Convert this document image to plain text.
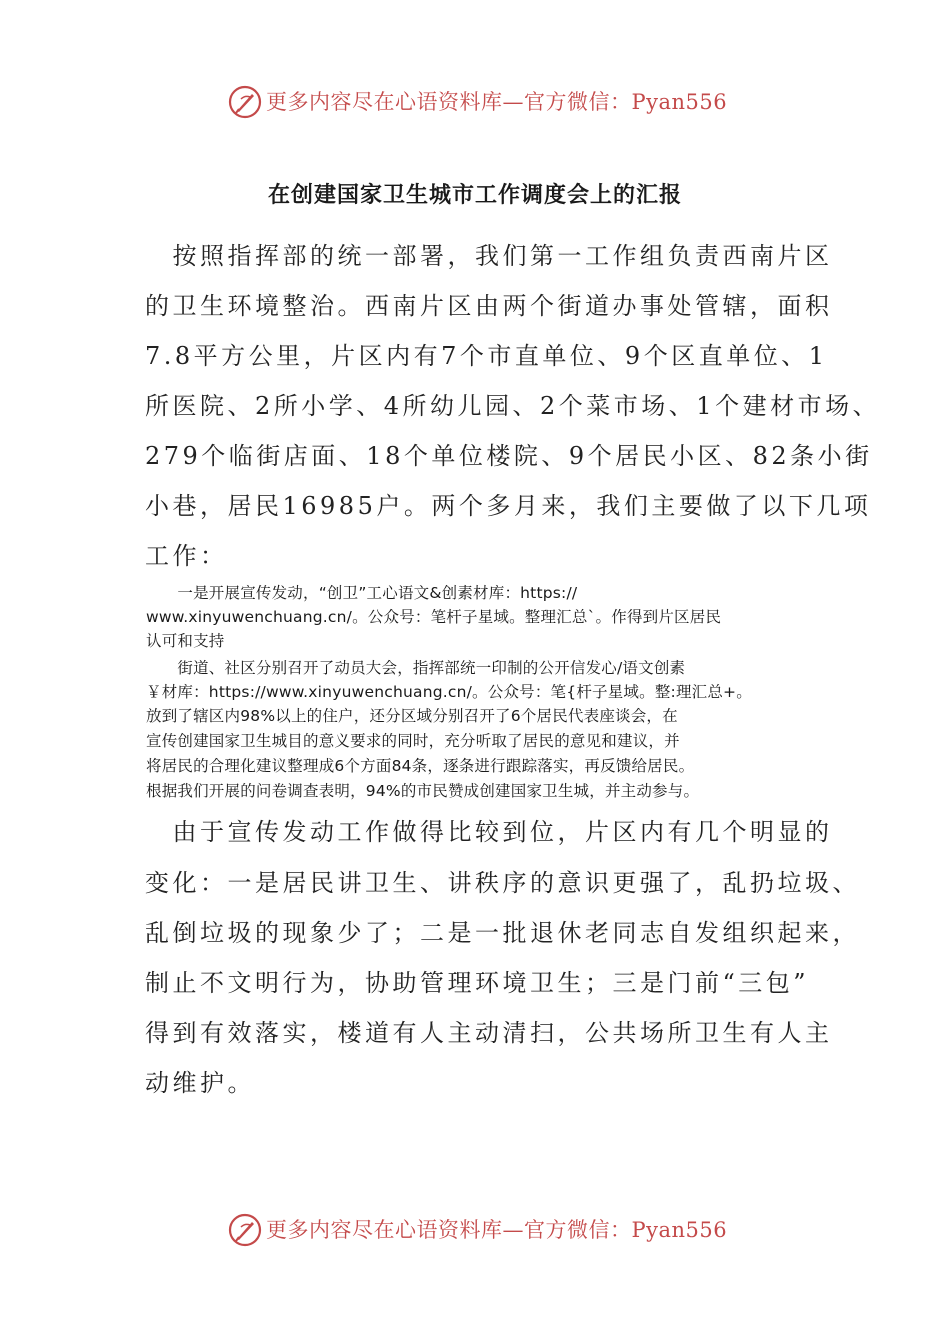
更多内容尽在心语资料库—官方微信：Pyan556
在创建国家卫生城市工作调度会上的汇报
　按照指挥部的统一部署，我们第一工作组负责西南片区
的卫生环境整治。西南片区由两个街道办事处管辖，面积
7.8平方公里，片区内有7个市直单位、9个区直单位、1
所医院、2所小学、4所幼儿园、2个菜市场、1个建材市场、
279个临街店面、18个单位楼院、9个居民小区、82条小街
小巷，居民16985户。两个多月来，我们主要做了以下几项
工作：
　　一是开展宣传发动，“创卫”工心语文&创素材库：https://
www.xinyuwenchuang.cn/。公众号：笔杆子星域。整理汇总`。作得到片区居民
认可和支持
　　街道、社区分别召开了动员大会，指挥部统一印制的公开信发心/语文创素
￥材库：https://www.xinyuwenchuang.cn/。公众号：笔{杆子星域。整:理汇总+。
放到了辖区内98%以上的住户，还分区域分别召开了6个居民代表座谈会，在
宣传创建国家卫生城目的意义要求的同时，充分听取了居民的意见和建议，并
将居民的合理化建议整理成6个方面84条，逐条进行跟踪落实，再反馈给居民。
根据我们开展的问卷调查表明，94%的市民赞成创建国家卫生城，并主动参与。
　由于宣传发动工作做得比较到位，片区内有几个明显的
变化：一是居民讲卫生、讲秩序的意识更强了，乱扔垃圾、
乱倒垃圾的现象少了；二是一批退休老同志自发组织起来，
制止不文明行为，协助管理环境卫生；三是门前“三包”
得到有效落实，楼道有人主动清扫，公共场所卫生有人主
动维护。
更多内容尽在心语资料库—官方微信：Pyan556
